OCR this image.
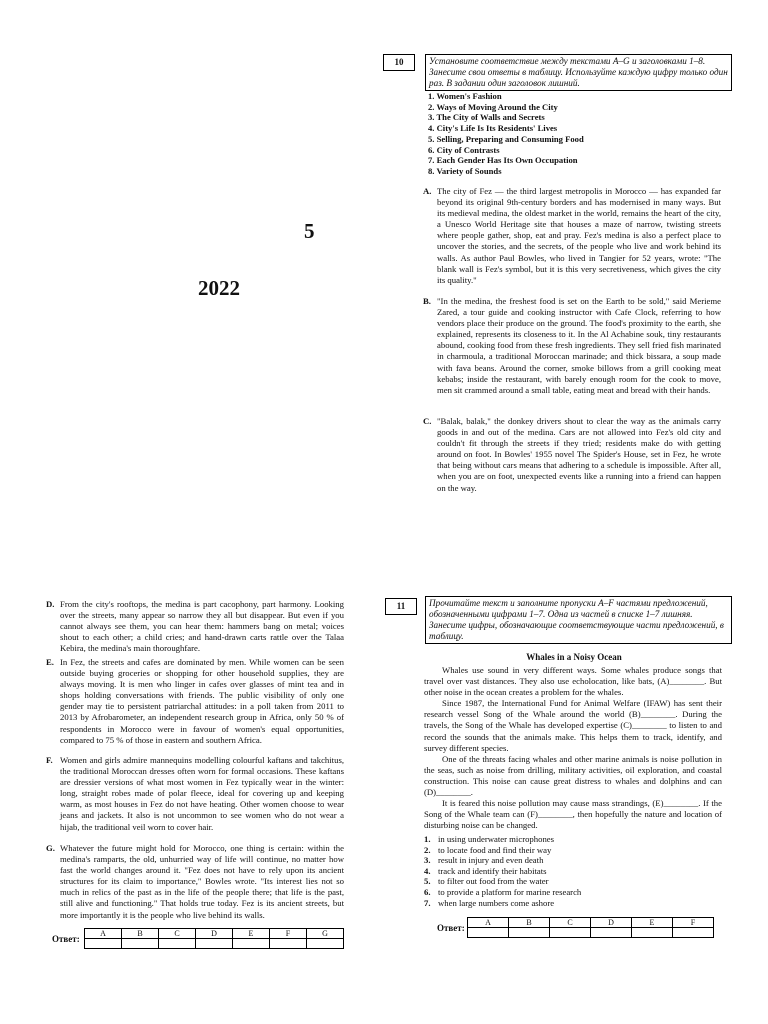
5
2022
10	Установите соответствие между текстами A–G и заголовками 1–8. Занесите свои ответы в таблицу. Используйте каждую цифру только один раз. В задании один заголовок лишний.
1. Women's Fashion
2. Ways of Moving Around the City
3. The City of Walls and Secrets
4. City's Life Is Its Residents' Lives
5. Selling, Preparing and Consuming Food
6. City of Contrasts
7. Each Gender Has Its Own Occupation
8. Variety of Sounds
A. The city of Fez — the third largest metropolis in Morocco — has expanded far beyond its original 9th-century borders and has modernised in many ways. But its medieval medina, the oldest market in the world, remains the heart of the city, a Unesco World Heritage site that houses a maze of narrow, twisting streets where people gather, shop, eat and pray. Fez's medina is also a perfect place to uncover the stories, and the secrets, of the people who live and work behind its walls. As author Paul Bowles, who lived in Tangier for 52 years, wrote: "The blank wall is Fez's symbol, but it is this very secretiveness, which gives the city its quality."
B. "In the medina, the freshest food is set on the Earth to be sold," said Merieme Zared, a tour guide and cooking instructor with Cafe Clock, referring to how vendors place their produce on the ground. The food's proximity to the earth, she explained, represents its closeness to it. In the Al Achabine souk, tiny restaurants abound, cooking food from these fresh ingredients. They sell fried fish marinated in charmoula, a traditional Moroccan marinade; and thick bissara, a soup made with fava beans. Around the corner, smoke billows from a grill cooking meat kebabs; inside the restaurant, with barely enough room for the cook to move, men sit crammed around a small table, eating meat and bread with their hands.
C. "Balak, balak," the donkey drivers shout to clear the way as the animals carry goods in and out of the medina. Cars are not allowed into Fez's old city and couldn't fit through the streets if they tried; residents make do with getting around on foot. In Bowles' 1955 novel The Spider's House, set in Fez, he wrote that being without cars means that adhering to a schedule is impossible. After all, when you are on foot, unexpected events like a running into a friend can happen on the way.
D. From the city's rooftops, the medina is part cacophony, part harmony. Looking over the streets, many appear so narrow they all but disappear. But even if you cannot always see them, you can hear them: hammers bang on metal; voices shout to each other; a child cries; and hand-drawn carts rattle over the Talaa Kebira, the medina's main thoroughfare.
E. In Fez, the streets and cafes are dominated by men. While women can be seen outside buying groceries or shopping for other household supplies, they are always moving. It is men who linger in cafes over glasses of mint tea and in shops holding conversations with friends. The public visibility of only one gender may tie to persistent patriarchal attitudes: in a poll taken from 2011 to 2013 by Afrobarometer, an independent research group in Africa, only 50 % of respondents in Morocco were in favour of women's equal opportunities, compared to 75 % of those in eastern and southern Africa.
F. Women and girls admire mannequins modelling colourful kaftans and takchitus, the traditional Moroccan dresses often worn for formal occasions. These kaftans are dressier versions of what most women in Fez typically wear in the winter: long, straight robes made of polar fleece, ideal for covering up and keeping warm, as most houses in Fez do not have heating. Other women choose to wear jeans and jackets. It also is not uncommon to see women who do not wear a hijab, the traditional veil worn to cover hair.
G. Whatever the future might hold for Morocco, one thing is certain: within the medina's ramparts, the old, unhurried way of life will continue, no matter how fast the world changes around it. "Fez does not have to rely upon its ancient structures for its claim to importance," Bowles wrote. "Its interest lies not so much in relics of the past as in the life of the people there; that life is the past, still alive and functioning." That holds true today. Fez is its ancient streets, but more importantly it is the people who live behind its walls.
Ответ:
A	B	C	D	E	F	G

11	Прочитайте текст и заполните пропуски A–F частями предложений, обозначенными цифрами 1–7. Одна из частей в списке 1–7 лишняя. Занесите цифры, обозначающие соответствующие части предложений, в таблицу.
Whales in a Noisy Ocean

Whales use sound in very different ways. Some whales produce songs that travel over vast distances. They also use echolocation, like bats, (A)________. But other noise in the ocean creates a problem for the whales.

Since 1987, the International Fund for Animal Welfare (IFAW) has sent their research vessel Song of the Whale around the world (B)________. During the travels, the Song of the Whale has developed expertise (C)________ to listen to and record the sounds that the animals make. This helps them to track, identify, and survey different species.

One of the threats facing whales and other marine animals is noise pollution in the seas, such as noise from drilling, military activities, oil exploration, and coastal construction. This noise can cause great distress to whales and dolphins and can (D)________.

It is feared this noise pollution may cause mass strandings, (E)________. If the Song of the Whale team can (F)________, then hopefully the nature and location of disturbing noise can be changed.

1. in using underwater microphones
2. to locate food and find their way
3. result in injury and even death
4. track and identify their habitats
5. to filter out food from the water
6. to provide a platform for marine research
7. when large numbers come ashore
Ответ:
A	B	C	D	E	F
